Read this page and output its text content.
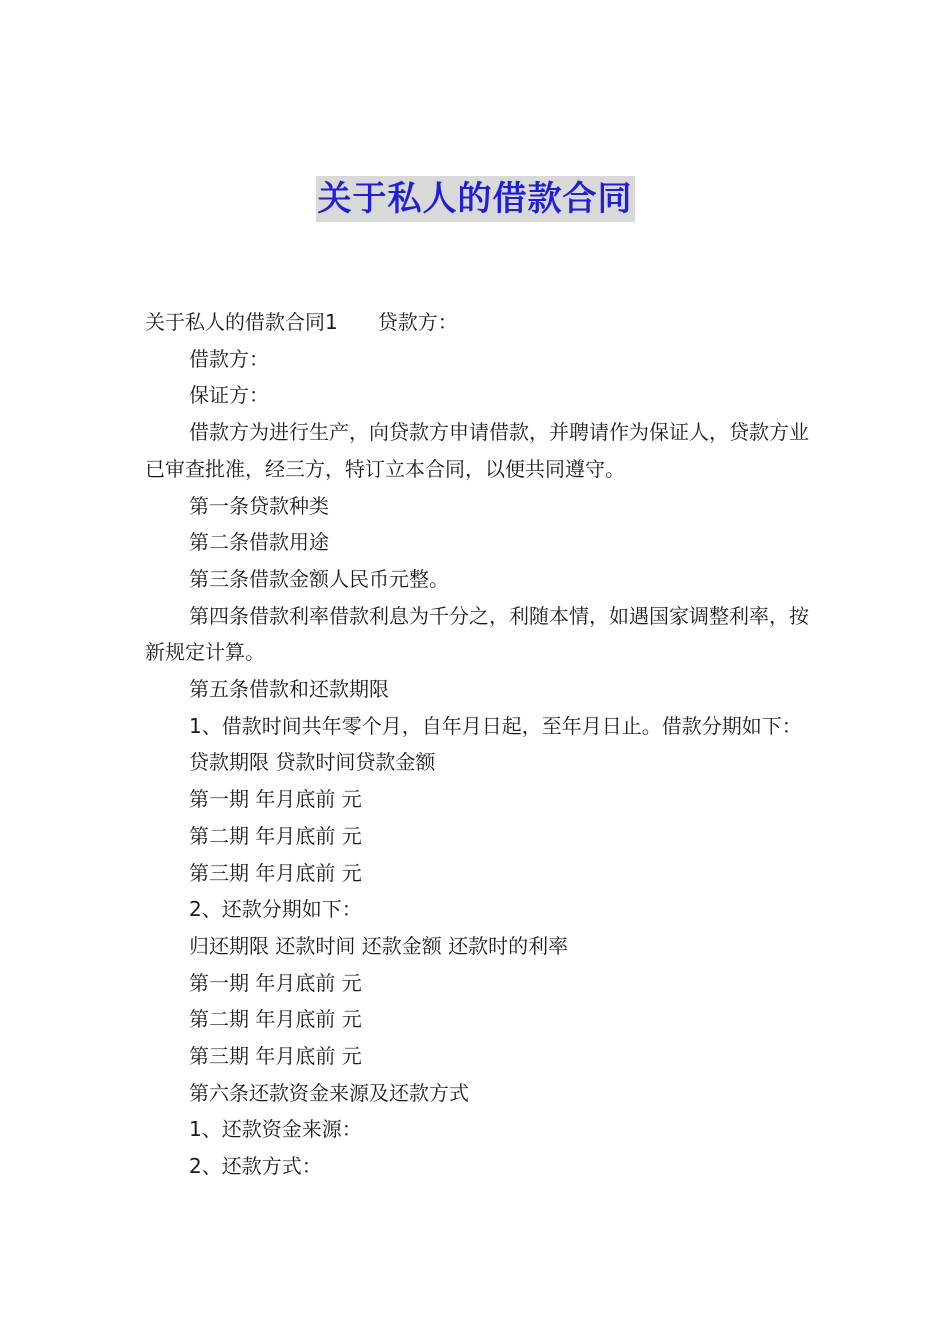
关于私人的借款合同

关于私人的借款合同1 贷款方：

借款方：

保证方：

借款方为进行生产，向贷款方申请借款，并聘请作为保证人，贷款方业已审查批准，经三方，特订立本合同，以便共同遵守。

第一条贷款种类

第二条借款用途

第三条借款金额人民币元整。

第四条借款利率借款利息为千分之，利随本情，如遇国家调整利率，按新规定计算。

第五条借款和还款期限

1、借款时间共年零个月，自年月日起，至年月日止。借款分期如下：

贷款期限 贷款时间贷款金额

第一期 年月底前 元

第二期 年月底前 元

第三期 年月底前 元

2、还款分期如下：

归还期限 还款时间 还款金额 还款时的利率

第一期 年月底前 元

第二期 年月底前 元

第三期 年月底前 元

第六条还款资金来源及还款方式

1、还款资金来源：

2、还款方式：
